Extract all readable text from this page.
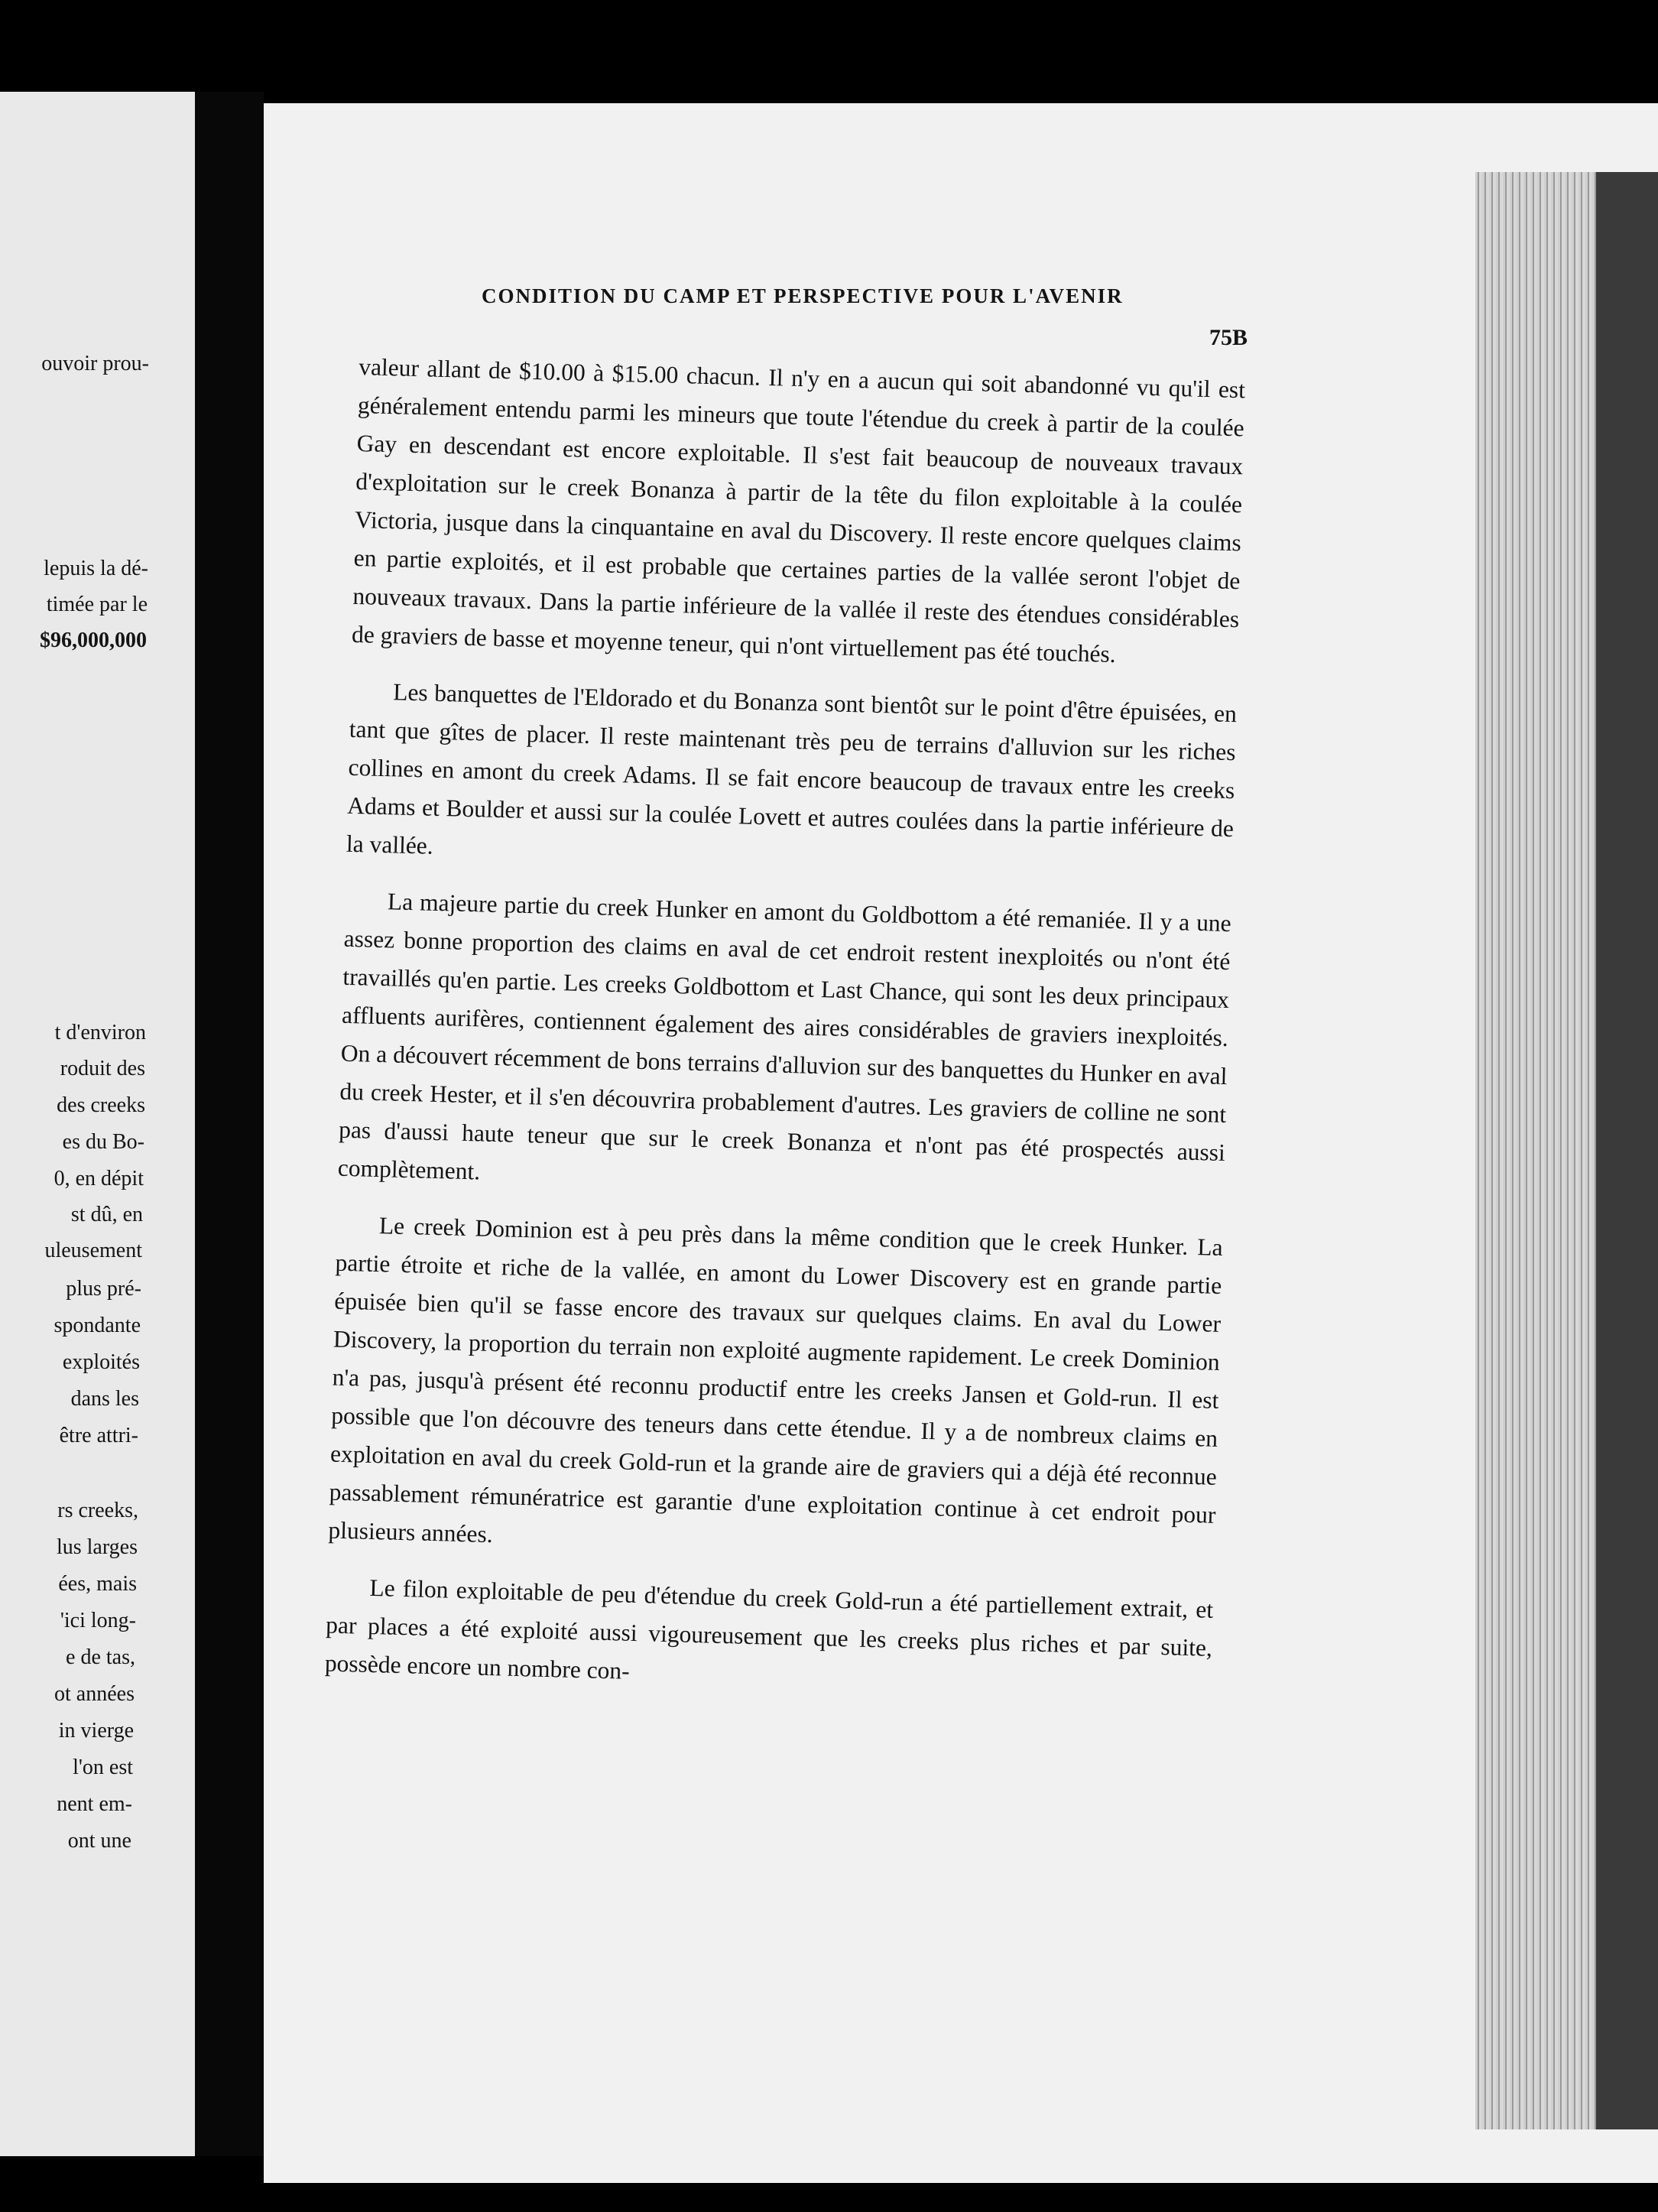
ouvoir prou-
lepuis la dé-
timée par le
$96,000,000
t d'environ
roduit des
des creeks
es du Bo-
0, en dépit
st dû, en
uleusement
plus pré-
spondante
exploités
dans les
être attri-
rs creeks,
lus larges
ées, mais
'ici long-
e de tas,
ot années
in vierge
l'on est
nent em-
ont une
CONDITION DU CAMP ET PERSPECTIVE POUR L'AVENIR
75B

valeur allant de $10.00 à $15.00 chacun. Il n'y en a aucun qui soit abandonné vu qu'il est généralement entendu parmi les mineurs que toute l'étendue du creek à partir de la coulée Gay en descendant est encore exploitable. Il s'est fait beaucoup de nouveaux travaux d'exploitation sur le creek Bonanza à partir de la tête du filon exploitable à la coulée Victoria, jusque dans la cinquantaine en aval du Discovery. Il reste encore quelques claims en partie exploités, et il est probable que certaines parties de la vallée seront l'objet de nouveaux travaux. Dans la partie inférieure de la vallée il reste des étendues considérables de graviers de basse et moyenne teneur, qui n'ont virtuellement pas été touchés.

Les banquettes de l'Eldorado et du Bonanza sont bientôt sur le point d'être épuisées, en tant que gîtes de placer. Il reste maintenant très peu de terrains d'alluvion sur les riches collines en amont du creek Adams. Il se fait encore beaucoup de travaux entre les creeks Adams et Boulder et aussi sur la coulée Lovett et autres coulées dans la partie inférieure de la vallée.

La majeure partie du creek Hunker en amont du Goldbottom a été remaniée. Il y a une assez bonne proportion des claims en aval de cet endroit restent inexploités ou n'ont été travaillés qu'en partie. Les creeks Goldbottom et Last Chance, qui sont les deux principaux affluents aurifères, contiennent également des aires considérables de graviers inexploités. On a découvert récemment de bons terrains d'alluvion sur des banquettes du Hunker en aval du creek Hester, et il s'en découvrira probablement d'autres. Les graviers de colline ne sont pas d'aussi haute teneur que sur le creek Bonanza et n'ont pas été prospectés aussi complètement.

Le creek Dominion est à peu près dans la même condition que le creek Hunker. La partie étroite et riche de la vallée, en amont du Lower Discovery est en grande partie épuisée bien qu'il se fasse encore des travaux sur quelques claims. En aval du Lower Discovery, la proportion du terrain non exploité augmente rapidement. Le creek Dominion n'a pas, jusqu'à présent été reconnu productif entre les creeks Jansen et Gold-run. Il est possible que l'on découvre des teneurs dans cette étendue. Il y a de nombreux claims en exploitation en aval du creek Gold-run et la grande aire de graviers qui a déjà été reconnue passablement rémunératrice est garantie d'une exploitation continue à cet endroit pour plusieurs années.

Le filon exploitable de peu d'étendue du creek Gold-run a été partiellement extrait, et par places a été exploité aussi vigoureusement que les creeks plus riches et par suite, possède encore un nombre con-
